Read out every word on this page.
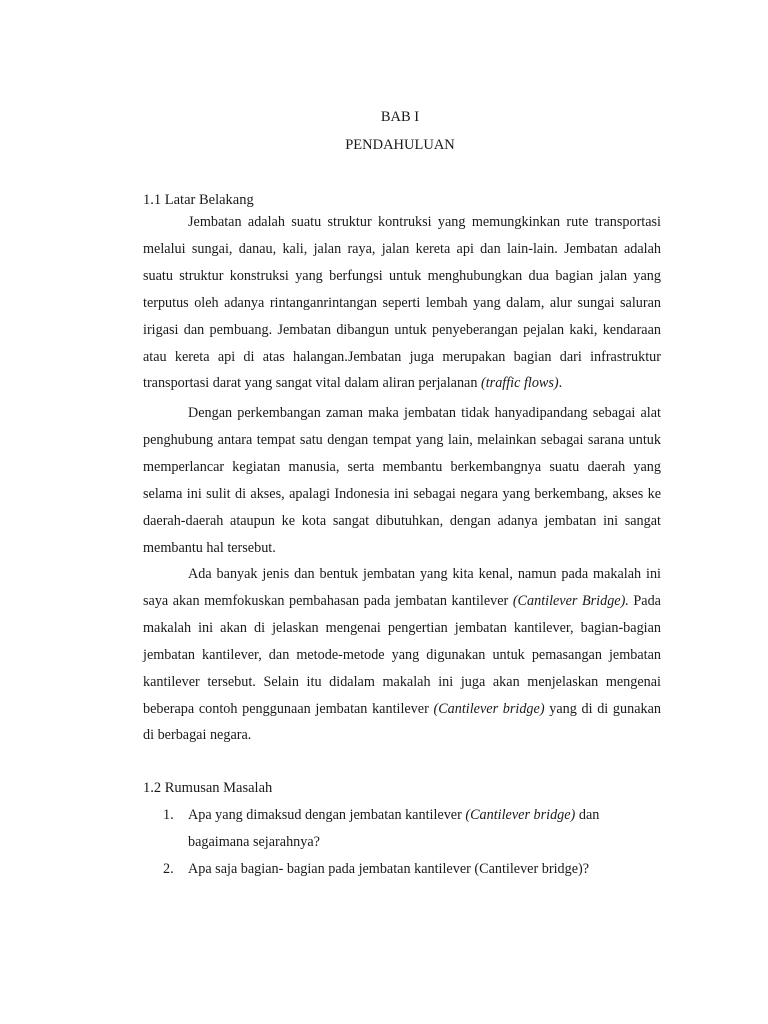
BAB I
PENDAHULUAN
1.1 Latar Belakang

Jembatan adalah suatu struktur kontruksi yang memungkinkan rute transportasi melalui sungai, danau, kali, jalan raya, jalan kereta api dan lain-lain. Jembatan adalah suatu struktur konstruksi yang berfungsi untuk menghubungkan dua bagian jalan yang terputus oleh adanya rintanganrintangan seperti lembah yang dalam, alur sungai saluran irigasi dan pembuang. Jembatan dibangun untuk penyeberangan pejalan kaki, kendaraan atau kereta api di atas halangan.Jembatan juga merupakan bagian dari infrastruktur transportasi darat yang sangat vital dalam aliran perjalanan (traffic flows).

Dengan perkembangan zaman maka jembatan tidak hanyadipandang sebagai alat penghubung antara tempat satu dengan tempat yang lain, melainkan sebagai sarana untuk memperlancar kegiatan manusia, serta membantu berkembangnya suatu daerah yang selama ini sulit di akses, apalagi Indonesia ini sebagai negara yang berkembang, akses ke daerah-daerah ataupun ke kota sangat dibutuhkan, dengan adanya jembatan ini sangat membantu hal tersebut.

Ada banyak jenis dan bentuk jembatan yang kita kenal, namun pada makalah ini saya akan memfokuskan pembahasan pada jembatan kantilever (Cantilever Bridge). Pada makalah ini akan di jelaskan mengenai pengertian jembatan kantilever, bagian-bagian jembatan kantilever, dan metode-metode yang digunakan untuk pemasangan jembatan kantilever tersebut. Selain itu didalam makalah ini juga akan menjelaskan mengenai beberapa contoh penggunaan jembatan kantilever (Cantilever bridge) yang di di gunakan di berbagai negara.

1.2 Rumusan Masalah
1. Apa yang dimaksud dengan jembatan kantilever (Cantilever bridge) dan bagaimana sejarahnya?
2. Apa saja bagian- bagian pada jembatan kantilever (Cantilever bridge)?
